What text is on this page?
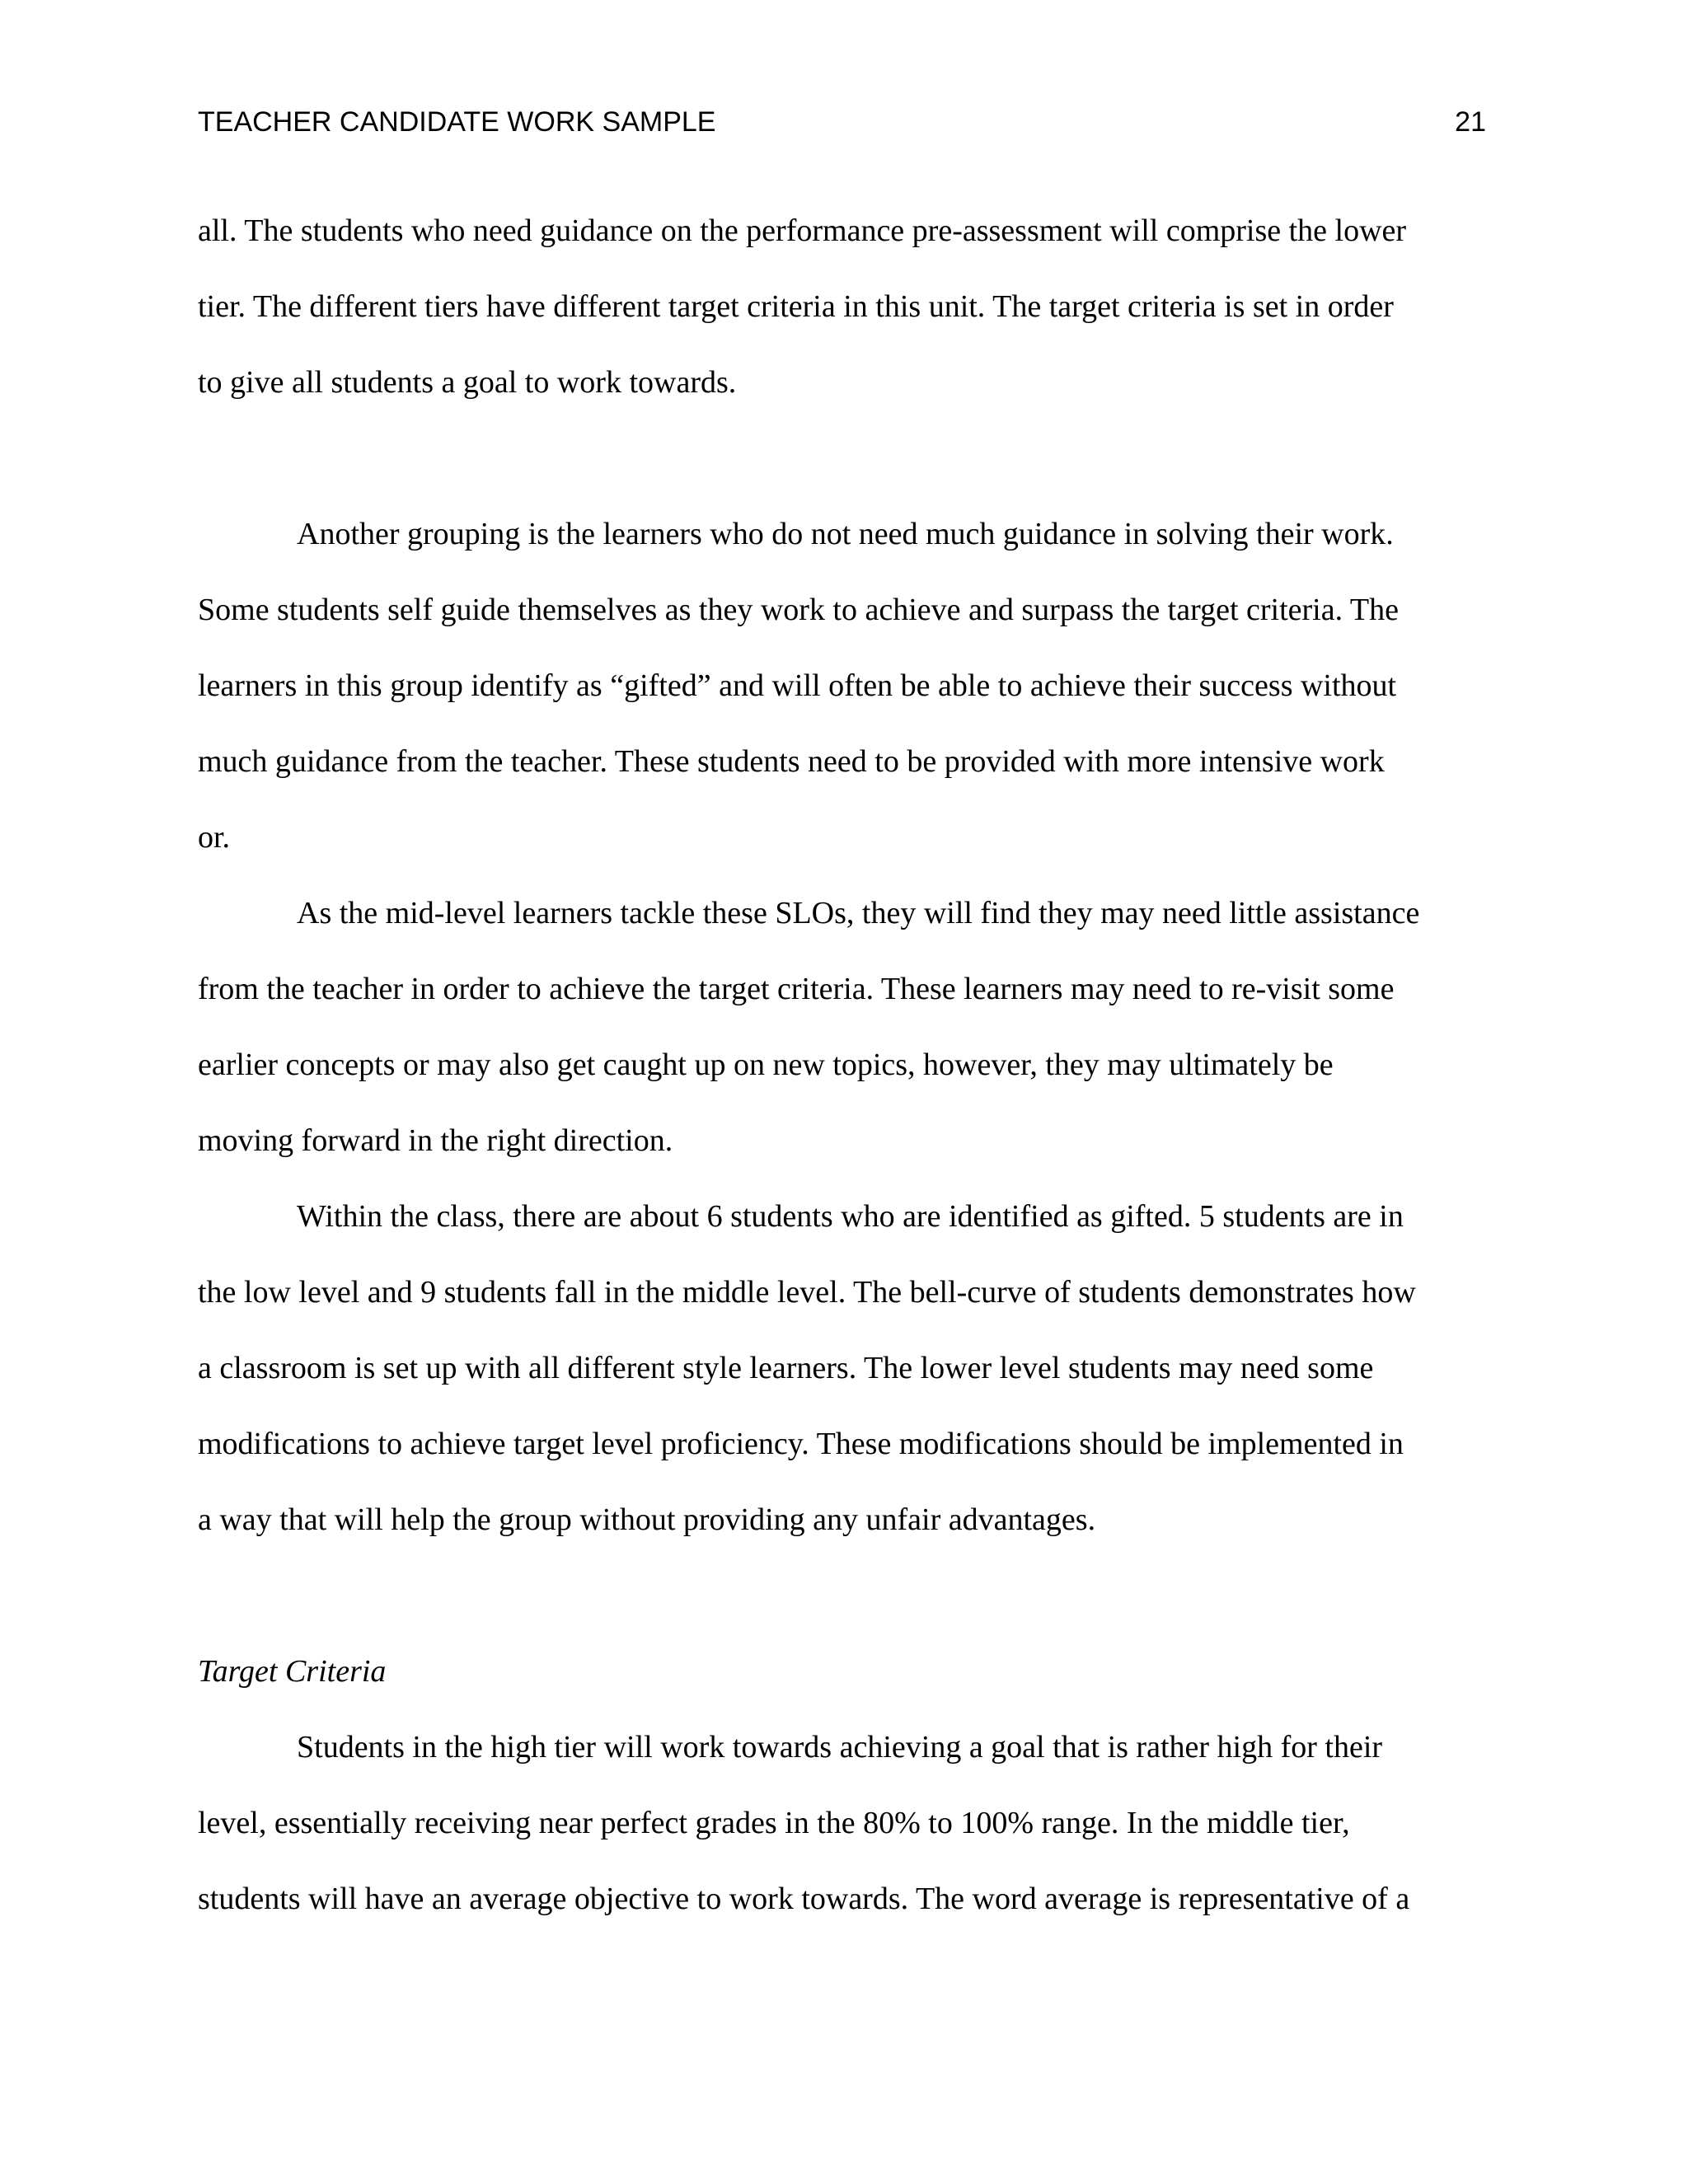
TEACHER CANDIDATE WORK SAMPLE	21

all. The students who need guidance on the performance pre-assessment will comprise the lower
tier. The different tiers have different target criteria in this unit. The target criteria is set in order
to give all students a goal to work towards.

Another grouping is the learners who do not need much guidance in solving their work.
Some students self guide themselves as they work to achieve and surpass the target criteria. The
learners in this group identify as “gifted” and will often be able to achieve their success without
much guidance from the teacher. These students need to be provided with more intensive work
or.

As the mid-level learners tackle these SLOs, they will find they may need little assistance
from the teacher in order to achieve the target criteria. These learners may need to re-visit some
earlier concepts or may also get caught up on new topics, however, they may ultimately be
moving forward in the right direction.

Within the class, there are about 6 students who are identified as gifted. 5 students are in
the low level and 9 students fall in the middle level. The bell-curve of students demonstrates how
a classroom is set up with all different style learners. The lower level students may need some
modifications to achieve target level proficiency. These modifications should be implemented in
a way that will help the group without providing any unfair advantages.

Target Criteria

Students in the high tier will work towards achieving a goal that is rather high for their
level, essentially receiving near perfect grades in the 80% to 100% range. In the middle tier,
students will have an average objective to work towards. The word average is representative of a
